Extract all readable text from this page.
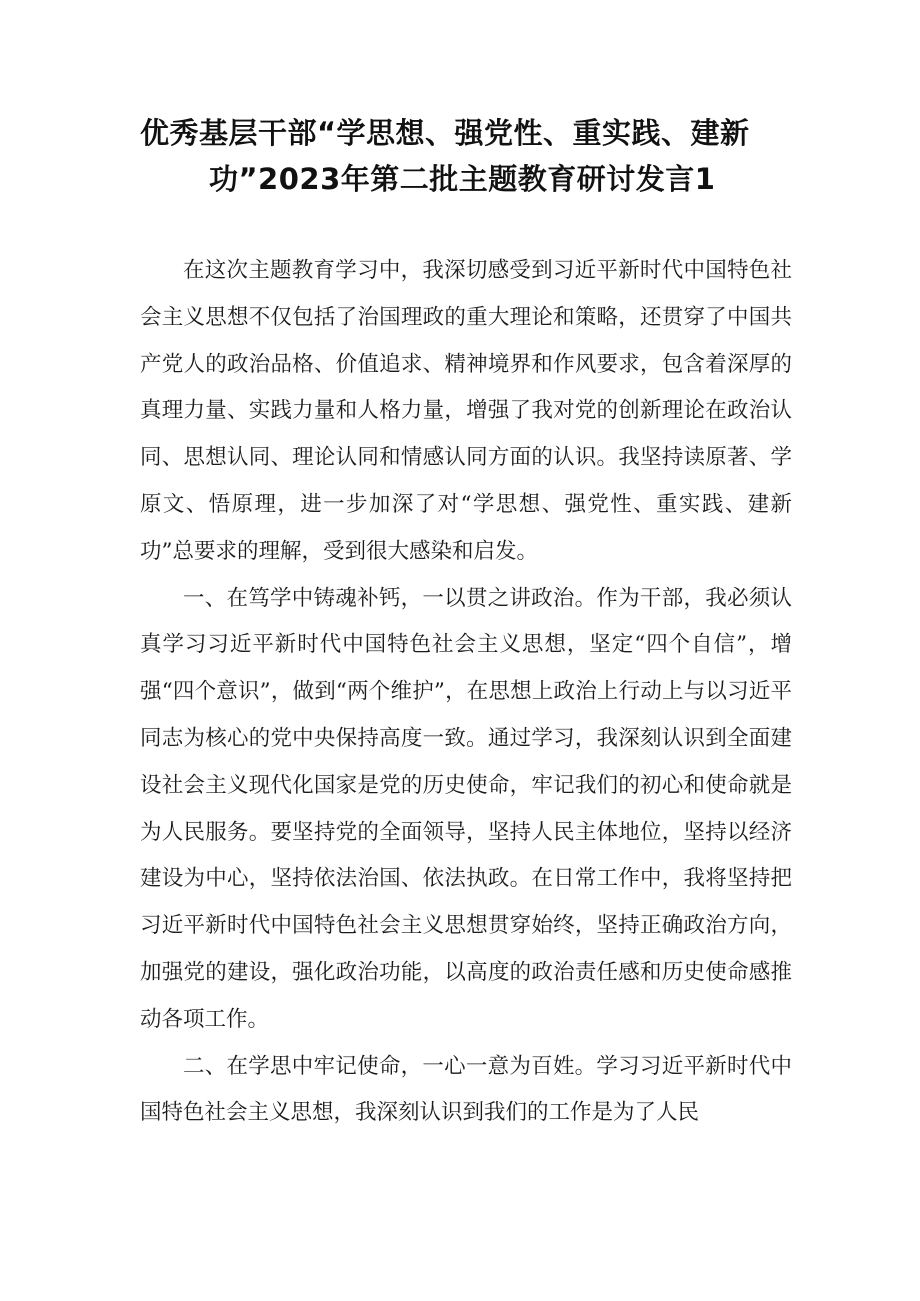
优秀基层干部“学思想、强党性、重实践、建新
功”2023年第二批主题教育研讨发言1

在这次主题教育学习中，我深切感受到习近平新时代中国特色社会主义思想不仅包括了治国理政的重大理论和策略，还贯穿了中国共产党人的政治品格、价值追求、精神境界和作风要求，包含着深厚的真理力量、实践力量和人格力量，增强了我对党的创新理论在政治认同、思想认同、理论认同和情感认同方面的认识。我坚持读原著、学原文、悟原理，进一步加深了对“学思想、强党性、重实践、建新功”总要求的理解，受到很大感染和启发。

一、在笃学中铸魂补钙，一以贯之讲政治。作为干部，我必须认真学习习近平新时代中国特色社会主义思想，坚定“四个自信”，增强“四个意识”，做到“两个维护”，在思想上政治上行动上与以习近平同志为核心的党中央保持高度一致。通过学习，我深刻认识到全面建设社会主义现代化国家是党的历史使命，牢记我们的初心和使命就是为人民服务。要坚持党的全面领导，坚持人民主体地位，坚持以经济建设为中心，坚持依法治国、依法执政。在日常工作中，我将坚持把习近平新时代中国特色社会主义思想贯穿始终，坚持正确政治方向，加强党的建设，强化政治功能，以高度的政治责任感和历史使命感推动各项工作。

二、在学思中牢记使命，一心一意为百姓。学习习近平新时代中国特色社会主义思想，我深刻认识到我们的工作是为了人民
